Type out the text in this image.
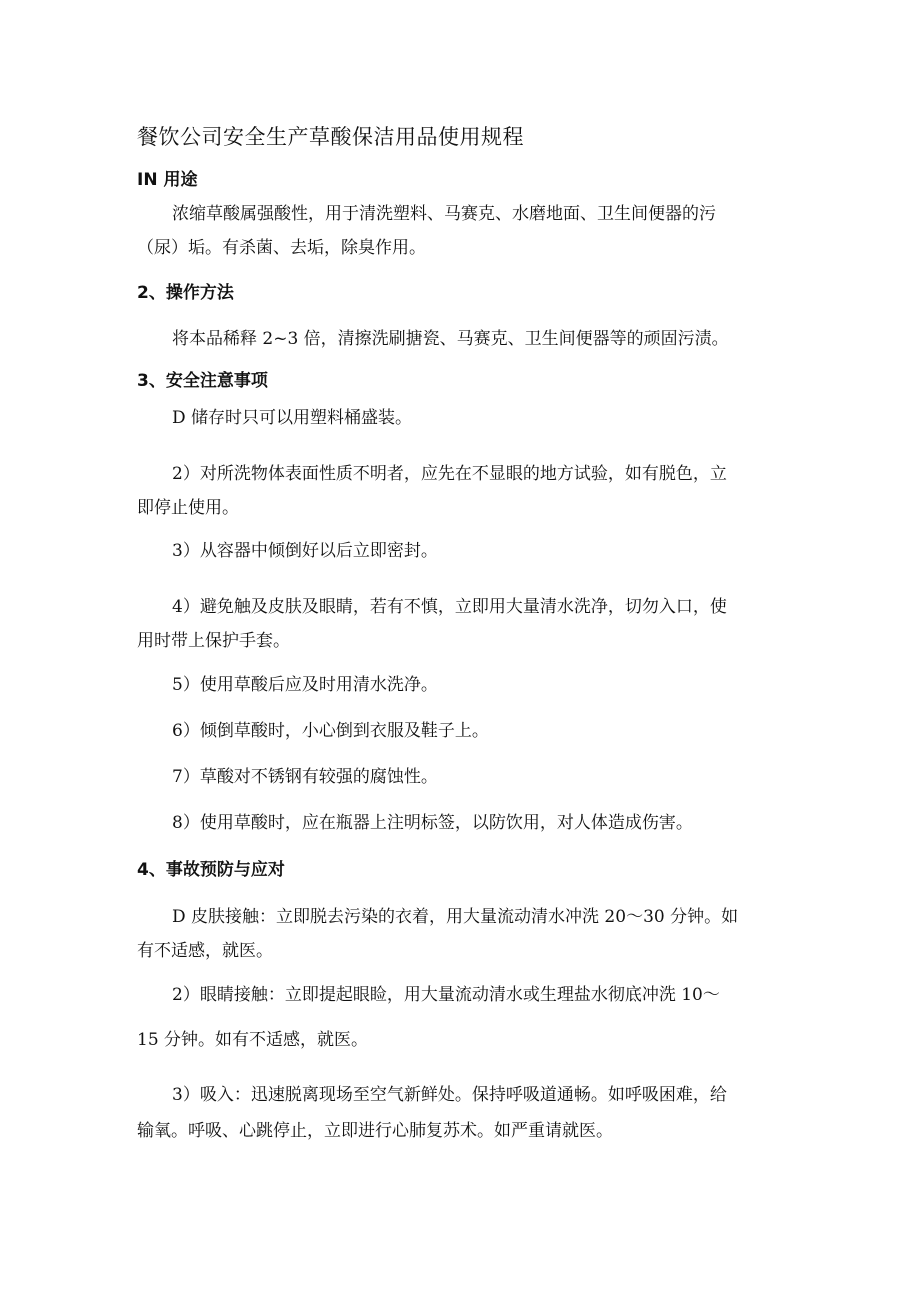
餐饮公司安全生产草酸保洁用品使用规程
IN 用途
浓缩草酸属强酸性，用于清洗塑料、马赛克、水磨地面、卫生间便器的污
（尿）垢。有杀菌、去垢，除臭作用。
2、操作方法
将本品稀释 2~3 倍，清擦洗刷搪瓷、马赛克、卫生间便器等的顽固污渍。
3、安全注意事项
D 储存时只可以用塑料桶盛装。
2）对所洗物体表面性质不明者，应先在不显眼的地方试验，如有脱色，立
即停止使用。
3）从容器中倾倒好以后立即密封。
4）避免触及皮肤及眼睛，若有不慎，立即用大量清水洗净，切勿入口，使
用时带上保护手套。
5）使用草酸后应及时用清水洗净。
6）倾倒草酸时，小心倒到衣服及鞋子上。
7）草酸对不锈钢有较强的腐蚀性。
8）使用草酸时，应在瓶器上注明标签，以防饮用，对人体造成伤害。
4、事故预防与应对
D 皮肤接触：立即脱去污染的衣着，用大量流动清水冲洗 20～30 分钟。如
有不适感，就医。
2）眼睛接触：立即提起眼睑，用大量流动清水或生理盐水彻底冲洗 10～
15 分钟。如有不适感，就医。
3）吸入：迅速脱离现场至空气新鲜处。保持呼吸道通畅。如呼吸困难，给
输氧。呼吸、心跳停止，立即进行心肺复苏术。如严重请就医。
